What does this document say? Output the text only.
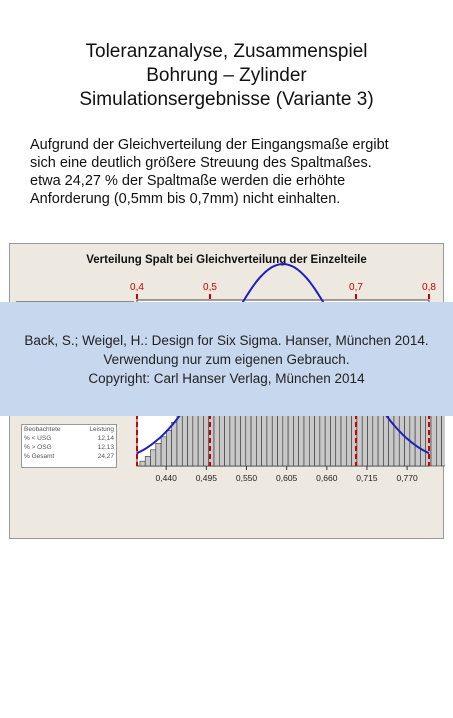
Toleranzanalyse, Zusammenspiel
Bohrung – Zylinder
Simulationsergebnisse (Variante 3)
Aufgrund der Gleichverteilung der Eingangsmaße ergibt
sich eine deutlich größere Streuung des Spaltmaßes.
etwa 24,27 % der Spaltmaße werden die erhöhte
Anforderung (0,5mm bis 0,7mm) nicht einhalten.
Verteilung Spalt bei Gleichverteilung der Einzelteile
Beobachtete	Leistung
% < USG	12,14
% > OSG	12,13
% Gesamt	24,27
0,4	0,5	0,7	0,8
0,440 0,495 0,550 0,605 0,660 0,715 0,770
Back, S.; Weigel, H.: Design for Six Sigma. Hanser, München 2014.
Verwendung nur zum eigenen Gebrauch.
Copyright: Carl Hanser Verlag, München 2014
